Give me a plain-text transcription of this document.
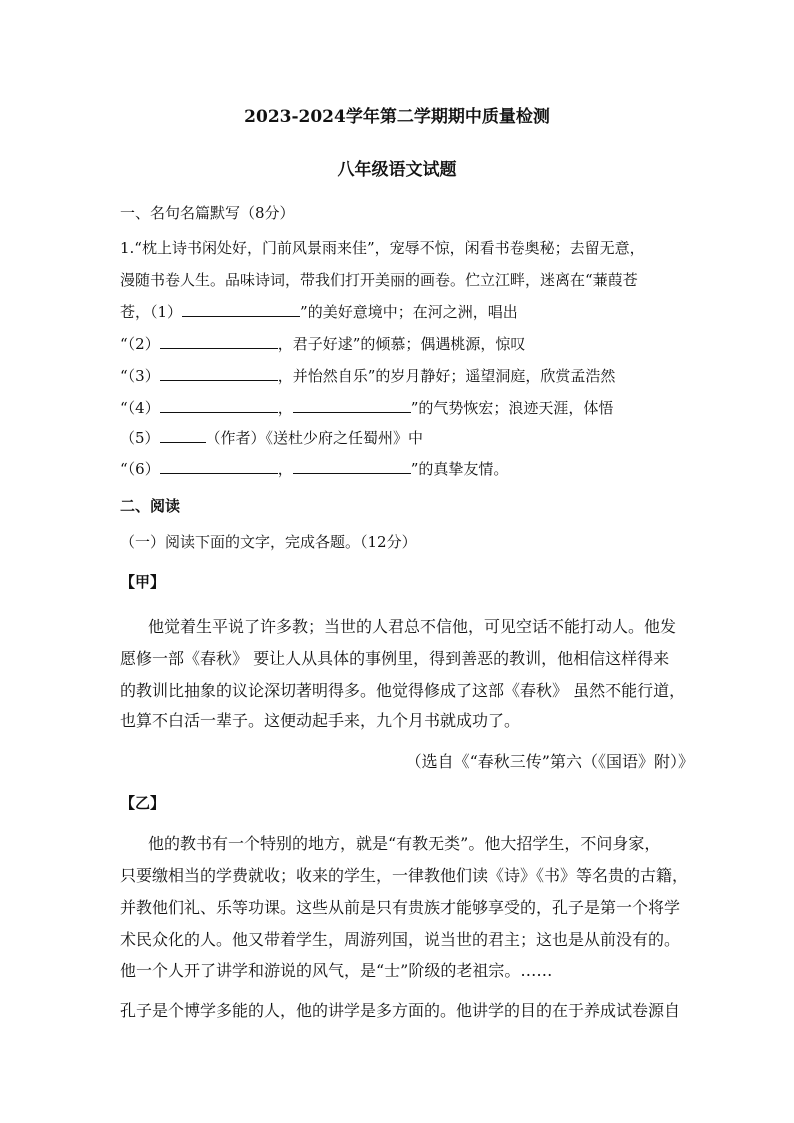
2023-2024学年第二学期期中质量检测
八年级语文试题
一、名句名篇默写（8分）
1.“枕上诗书闲处好，门前风景雨来佳”，宠辱不惊，闲看书卷奥秘；去留无意，
漫随书卷人生。品味诗词，带我们打开美丽的画卷。伫立江畔，迷离在“蒹葭苍
苍，（1）	”的美好意境中；在河之洲，唱出
“（2）	，君子好逑”的倾慕；偶遇桃源，惊叹
“（3）	，并怡然自乐”的岁月静好；遥望洞庭，欣赏孟浩然
“（4）	，	”的气势恢宏；浪迹天涯，体悟
（5）	（作者）《送杜少府之任蜀州》中
“（6）	，	”的真挚友情。
二、阅读
（一）阅读下面的文字，完成各题。（12分）
【甲】
他觉着生平说了许多教；当世的人君总不信他，可见空话不能打动人。他发
愿修一部《春秋》 要让人从具体的事例里，得到善恶的教训，他相信这样得来
的教训比抽象的议论深切著明得多。他觉得修成了这部《春秋》 虽然不能行道，
也算不白活一辈子。这便动起手来，九个月书就成功了。
（选自《“春秋三传”第六（《国语》附）》
【乙】
他的教书有一个特别的地方，就是“有教无类”。他大招学生，不问身家，
只要缴相当的学费就收；收来的学生，一律教他们读《诗》《书》等名贵的古籍，
并教他们礼、乐等功课。这些从前是只有贵族才能够享受的，孔子是第一个将学
术民众化的人。他又带着学生，周游列国，说当世的君主；这也是从前没有的。
他一个人开了讲学和游说的风气，是“士”阶级的老祖宗。……
孔子是个博学多能的人，他的讲学是多方面的。他讲学的目的在于养成试卷源自
